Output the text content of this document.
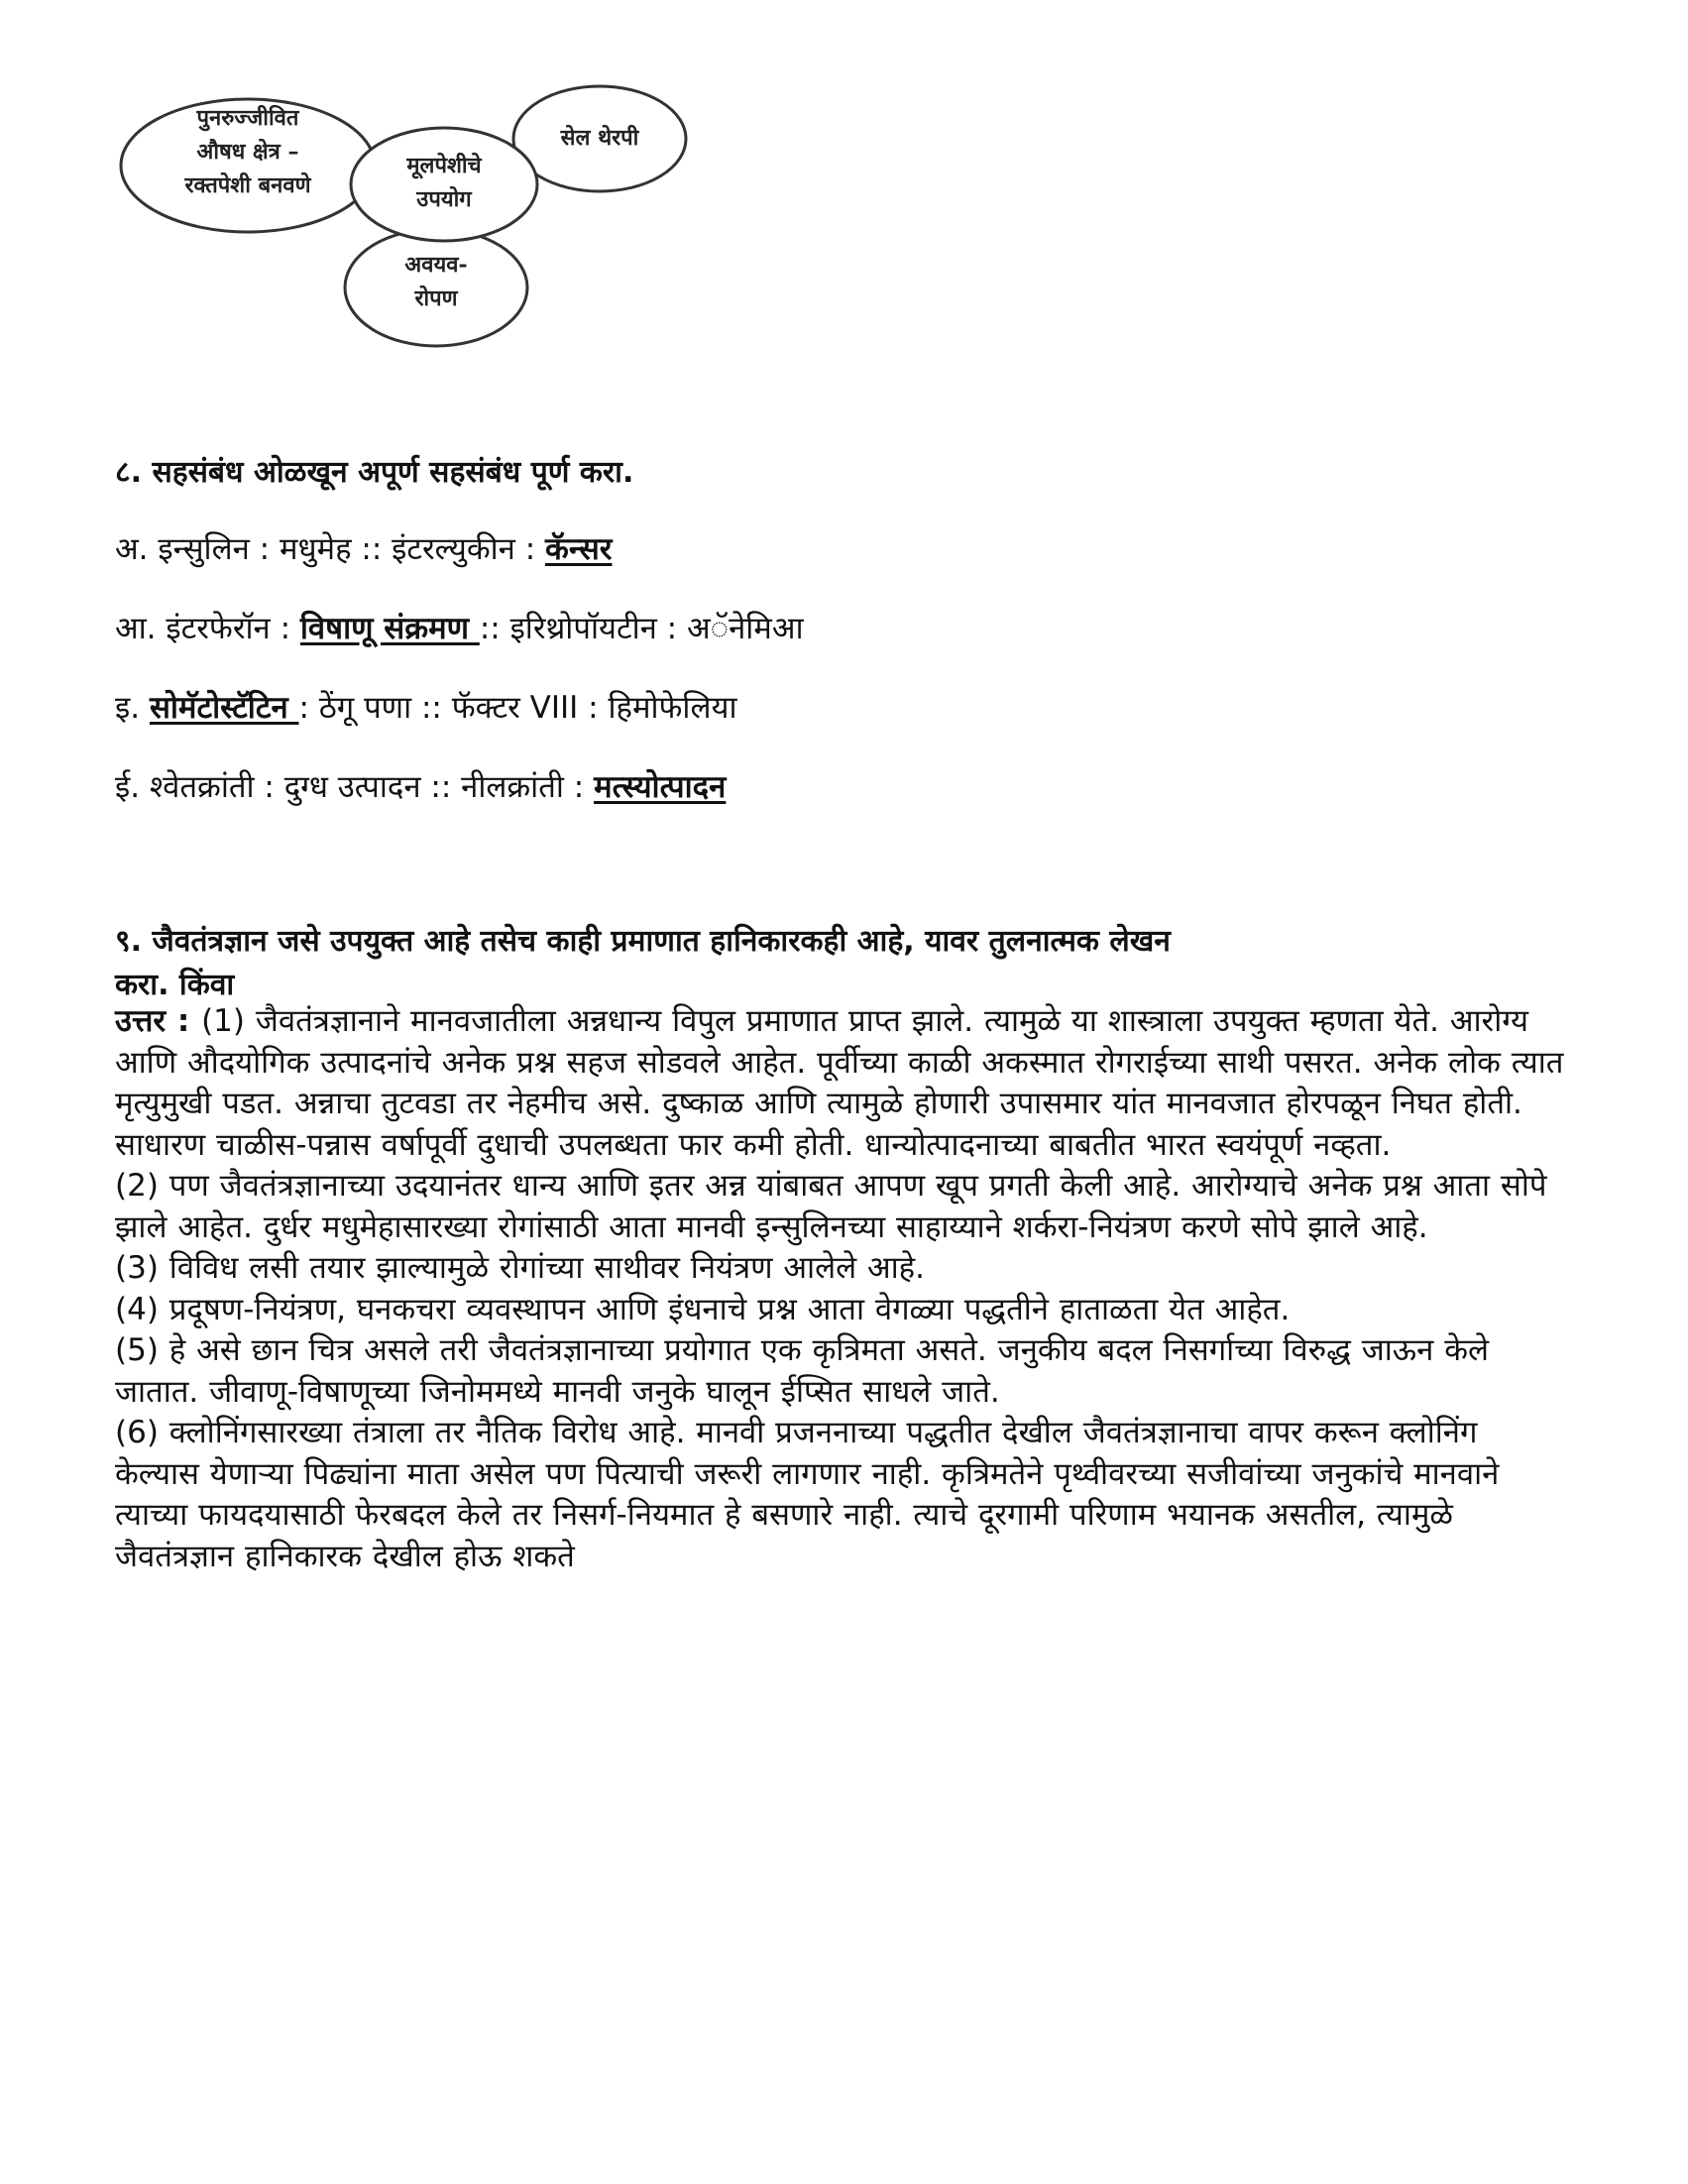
पुनरुज्जीवित
औषध क्षेत्र –
रक्तपेशी बनवणे
सेल थेरपी
मूलपेशीचे
उपयोग
अवयव-
रोपण
८. सहसंबंध ओळखून अपूर्ण सहसंबंध पूर्ण करा.
अ. इन्सुलिन : मधुमेह :: इंटरल्युकीन : कॅन्सर
आ. इंटरफेरॉन : विषाणू संक्रमण :: इरिथ्रोपॉयटीन : अॅनेमिआ
इ. सोमॅटोस्टॅटिन : ठेंगू पणा :: फॅक्टर VIII : हिमोफेलिया
ई. श्वेतक्रांती : दुग्ध उत्पादन :: नीलक्रांती : मत्स्योत्पादन
९. जैवतंत्रज्ञान जसे उपयुक्त आहे तसेच काही प्रमाणात हानिकारकही आहे, यावर तुलनात्मक लेखन
करा. किंवा

उत्तर : (1) जैवतंत्रज्ञानाने मानवजातीला अन्नधान्य विपुल प्रमाणात प्राप्त झाले. त्यामुळे या शास्त्राला उपयुक्त म्हणता येते. आरोग्य आणि औदयोगिक उत्पादनांचे अनेक प्रश्न सहज सोडवले आहेत. पूर्वीच्या काळी अकस्मात रोगराईच्या साथी पसरत. अनेक लोक त्यात मृत्युमुखी पडत. अन्नाचा तुटवडा तर नेहमीच असे. दुष्काळ आणि त्यामुळे होणारी उपासमार यांत मानवजात होरपळून निघत होती. साधारण चाळीस-पन्नास वर्षापूर्वी दुधाची उपलब्धता फार कमी होती. धान्योत्पादनाच्या बाबतीत भारत स्वयंपूर्ण नव्हता.

(2) पण जैवतंत्रज्ञानाच्या उदयानंतर धान्य आणि इतर अन्न यांबाबत आपण खूप प्रगती केली आहे. आरोग्याचे अनेक प्रश्न आता सोपे झाले आहेत. दुर्धर मधुमेहासारख्या रोगांसाठी आता मानवी इन्सुलिनच्या साहाय्याने शर्करा-नियंत्रण करणे सोपे झाले आहे.

(3) विविध लसी तयार झाल्यामुळे रोगांच्या साथीवर नियंत्रण आलेले आहे.

(4) प्रदूषण-नियंत्रण, घनकचरा व्यवस्थापन आणि इंधनाचे प्रश्न आता वेगळ्या पद्धतीने हाताळता येत आहेत.

(5) हे असे छान चित्र असले तरी जैवतंत्रज्ञानाच्या प्रयोगात एक कृत्रिमता असते. जनुकीय बदल निसर्गाच्या विरुद्ध जाऊन केले जातात. जीवाणू-विषाणूच्या जिनोममध्ये मानवी जनुके घालून ईप्सित साधले जाते.

(6) क्लोनिंगसारख्या तंत्राला तर नैतिक विरोध आहे. मानवी प्रजननाच्या पद्धतीत देखील जैवतंत्रज्ञानाचा वापर करून क्लोनिंग केल्यास येणाऱ्या पिढ्यांना माता असेल पण पित्याची जरूरी लागणार नाही. कृत्रिमतेने पृथ्वीवरच्या सजीवांच्या जनुकांचे मानवाने त्याच्या फायदयासाठी फेरबदल केले तर निसर्ग-नियमात हे बसणारे नाही. त्याचे दूरगामी परिणाम भयानक असतील, त्यामुळे जैवतंत्रज्ञान हानिकारक देखील होऊ शकते
